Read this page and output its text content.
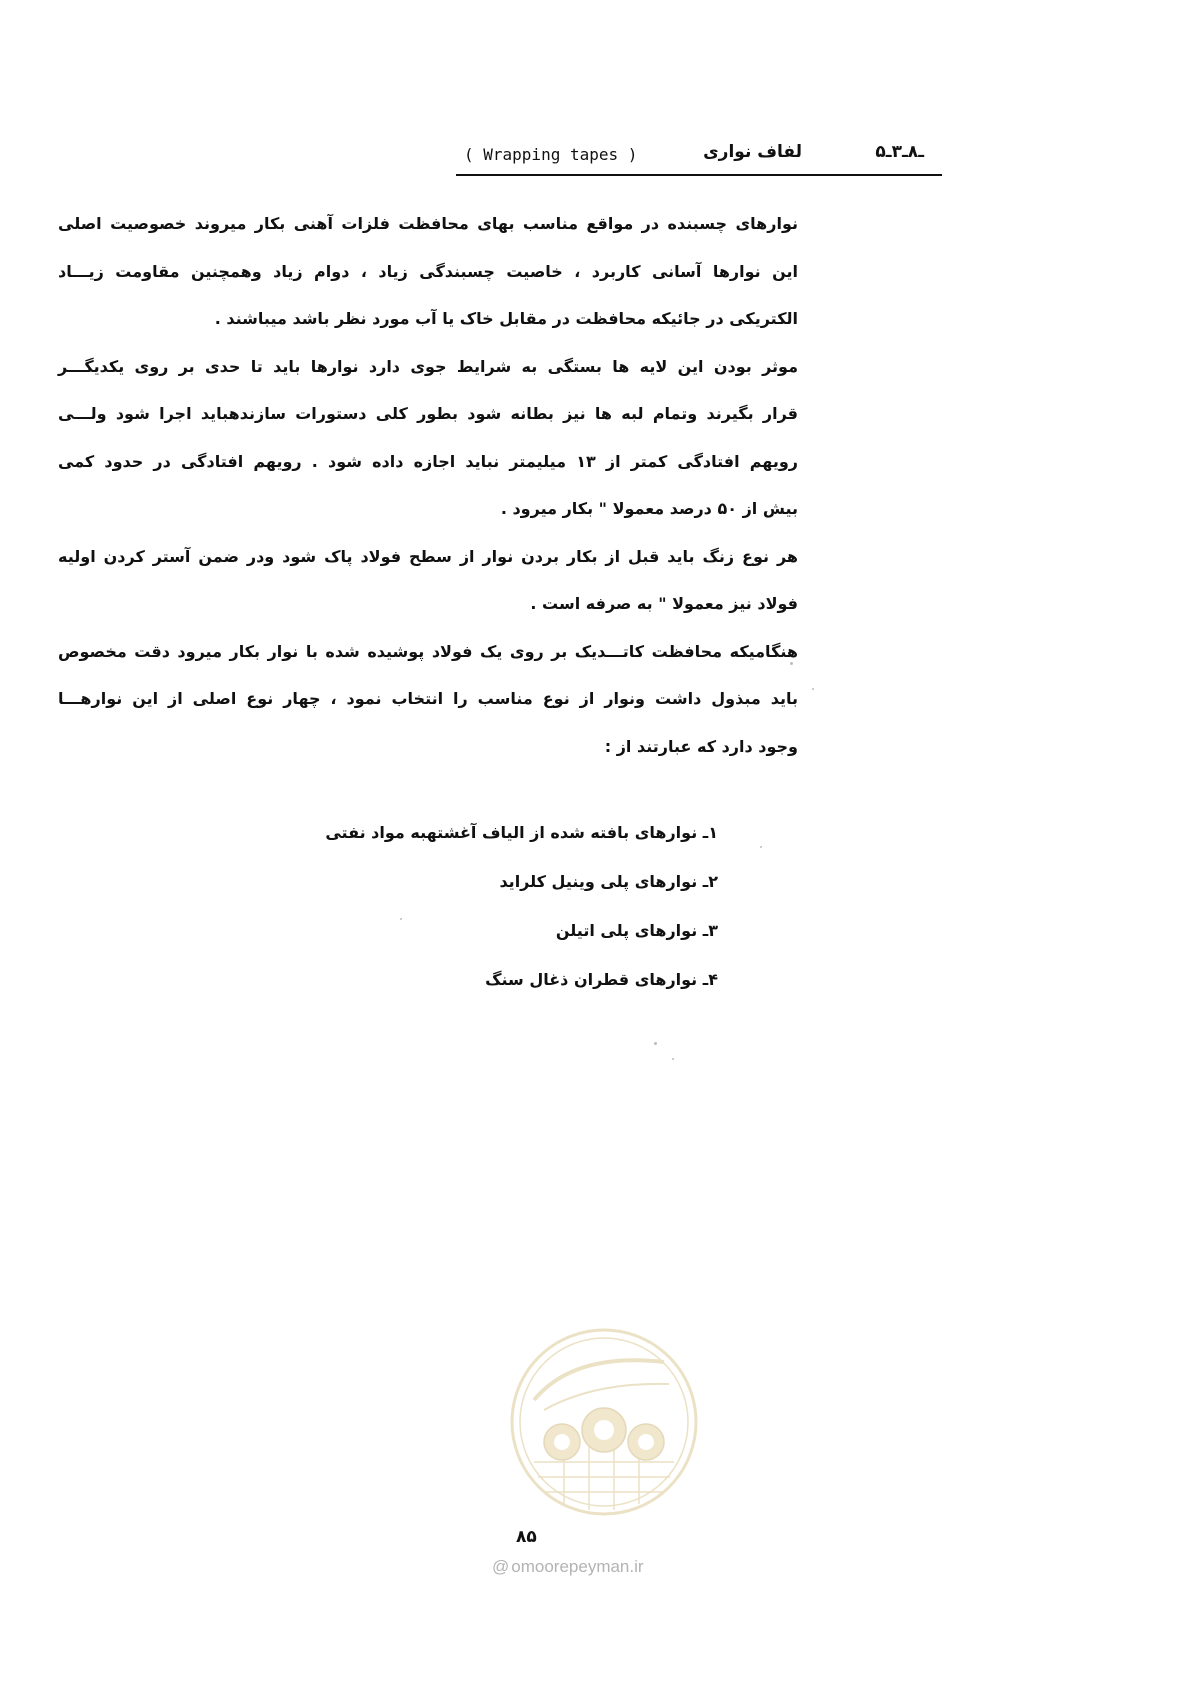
۵ـ۸ـ۳ـ
لفاف نواری
( Wrapping tapes )
نوارهای چسبنده در مواقع مناسب بهای محافظت فلزات آهنی بکار میروند خصوصیت اصلی
این نوارها آسانی کاربرد ، خاصیت چسبندگی زیاد ، دوام زیاد وهمچنین مقاومت زیـــاد
الکتریکی در جائیکه محافظت در مقابل خاک یا آب مورد نظر باشد میباشند .
موثر بودن این لایه ها بستگی به شرایط جوی دارد نوارها باید تا حدی بر روی یکدیگـــر
قرار بگیرند وتمام لبه ها نیز بطانه شود بطور کلی دستورات سازندهباید اجرا شود ولـــی
رویهم افتادگی کمتر از ۱۳ میلیمتر نباید اجازه داده شود . رویهم افتادگی در حدود کمی
بیش از ۵۰ درصد معمولا " بکار میرود .
هر نوع زنگ باید قبل از بکار بردن نوار از سطح فولاد پاک شود ودر ضمن آستر کردن اولیه
فولاد نیز معمولا " به صرفه است .
هنگامیکه محافظت کاتـــدیک بر روی یک فولاد پوشیده شده با نوار بکار میرود دقت مخصوص
باید مبذول داشت ونوار از نوع مناسب را انتخاب نمود ، چهار نوع اصلی از این نوارهـــا
وجود دارد که عبارتند از :
۱ـ نوارهای بافته شده از الیاف آغشتهبه مواد نفتی
۲ـ نوارهای پلی وینیل کلراید
۳ـ نوارهای پلی اتیلن
۴ـ نوارهای قطران ذغال سنگ
۸۵
@ omoorepeyman.ir
